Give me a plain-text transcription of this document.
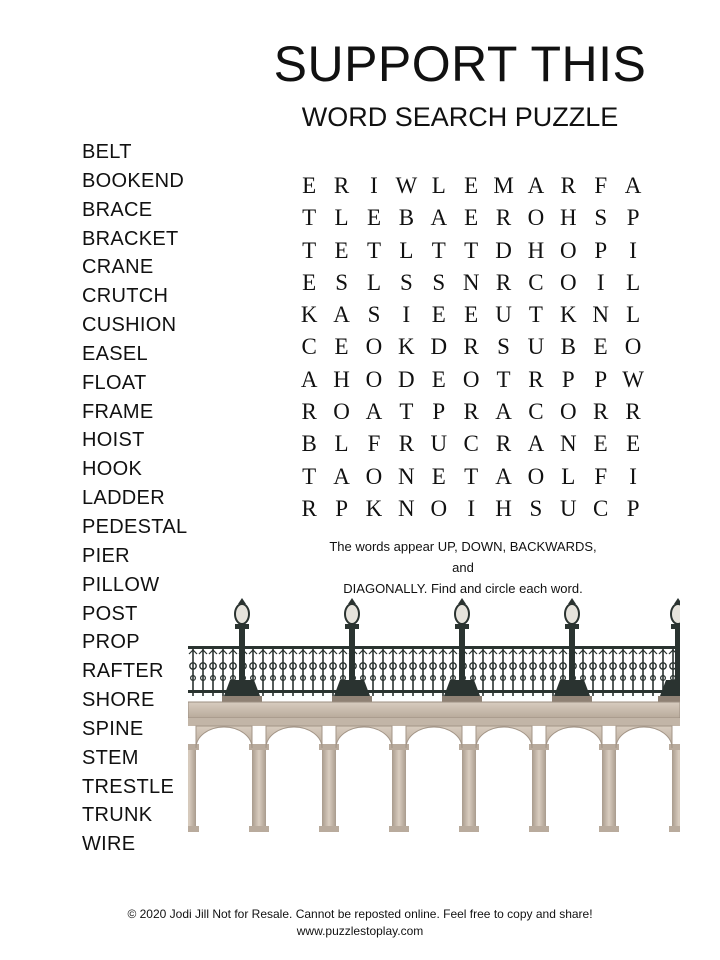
SUPPORT THIS
WORD SEARCH PUZZLE
BELT
BOOKEND
BRACE
BRACKET
CRANE
CRUTCH
CUSHION
EASEL
FLOAT
FRAME
HOIST
HOOK
LADDER
PEDESTAL
PIER
PILLOW
POST
PROP
RAFTER
SHORE
SPINE
STEM
TRESTLE
TRUNK
WIRE
E R I W L E M A R F A
T L E B A E R O H S P
T E T L T T D H O P I
E S L S S N R C O I L
K A S I E E U T K N L
C E O K D R S U B E O
A H O D E O T R P P W
R O A T P R A C O R R
B L F R U C R A N E E
T A O N E T A O L F I
R P K N O I H S U C P
The words appear UP, DOWN, BACKWARDS, and
DIAGONALLY. Find and circle each word.
© 2020 Jodi Jill Not for Resale. Cannot be reposted online. Feel free to copy and share!
www.puzzlestoplay.com
